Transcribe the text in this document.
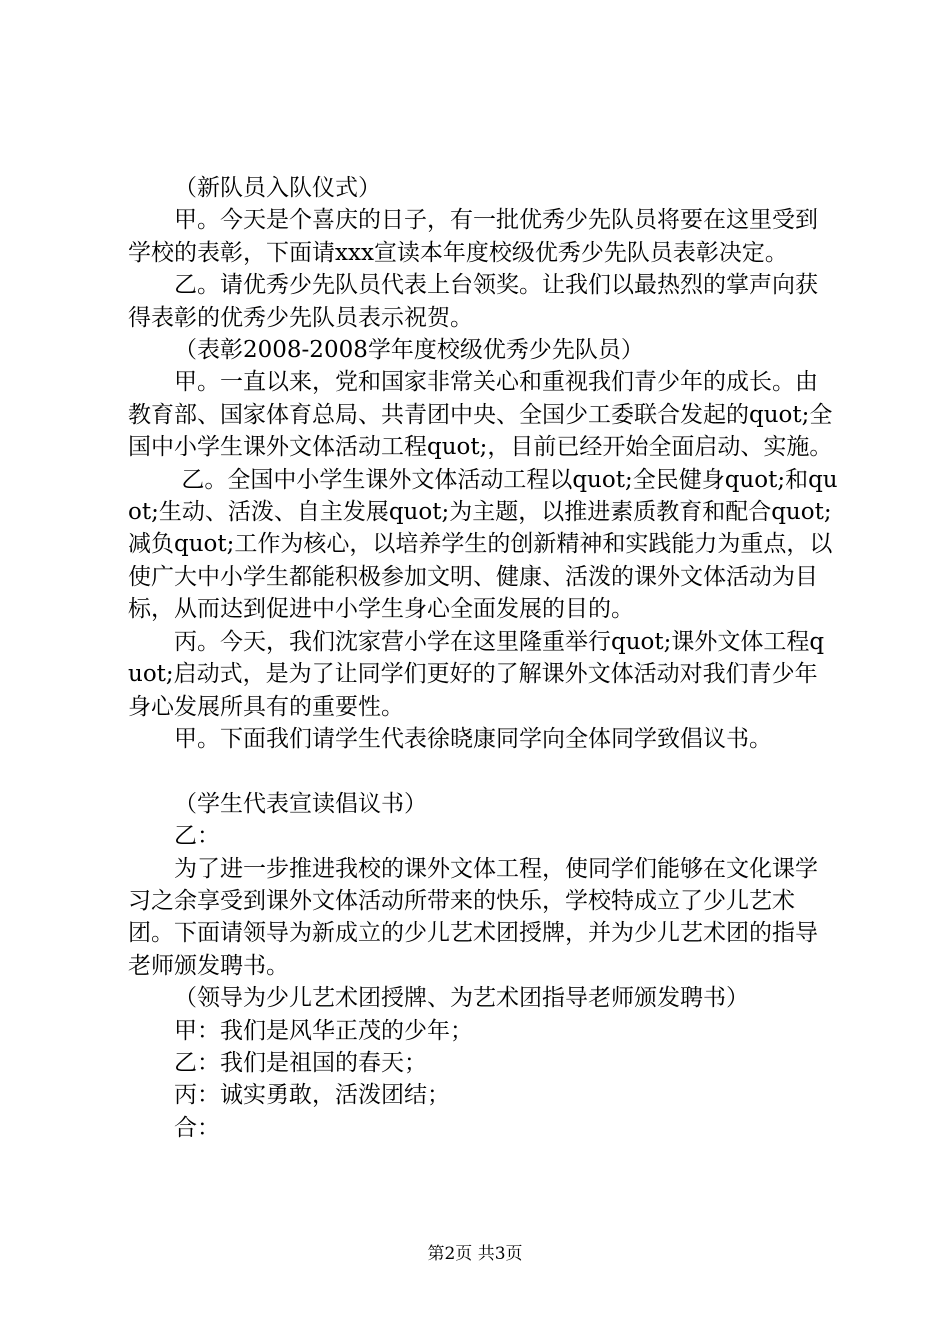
（新队员入队仪式）

甲。今天是个喜庆的日子，有一批优秀少先队员将要在这里受到学校的表彰，下面请xxx宣读本年度校级优秀少先队员表彰决定。

乙。请优秀少先队员代表上台领奖。让我们以最热烈的掌声向获得表彰的优秀少先队员表示祝贺。

（表彰2008-2008学年度校级优秀少先队员）

甲。一直以来，党和国家非常关心和重视我们青少年的成长。由教育部、国家体育总局、共青团中央、全国少工委联合发起的quot;全国中小学生课外文体活动工程quot;，目前已经开始全面启动、实施。

乙。全国中小学生课外文体活动工程以quot;全民健身quot;和quot;生动、活泼、自主发展quot;为主题，以推进素质教育和配合quot;减负quot;工作为核心，以培养学生的创新精神和实践能力为重点，以使广大中小学生都能积极参加文明、健康、活泼的课外文体活动为目标，从而达到促进中小学生身心全面发展的目的。

丙。今天，我们沈家营小学在这里隆重举行quot;课外文体工程quot;启动式，是为了让同学们更好的了解课外文体活动对我们青少年身心发展所具有的重要性。

甲。下面我们请学生代表徐晓康同学向全体同学致倡议书。

（学生代表宣读倡议书）

乙：

为了进一步推进我校的课外文体工程，使同学们能够在文化课学习之余享受到课外文体活动所带来的快乐，学校特成立了少儿艺术团。下面请领导为新成立的少儿艺术团授牌，并为少儿艺术团的指导老师颁发聘书。

（领导为少儿艺术团授牌、为艺术团指导老师颁发聘书）

甲：我们是风华正茂的少年；

乙：我们是祖国的春天；

丙：诚实勇敢，活泼团结；

合：

第2页 共3页
